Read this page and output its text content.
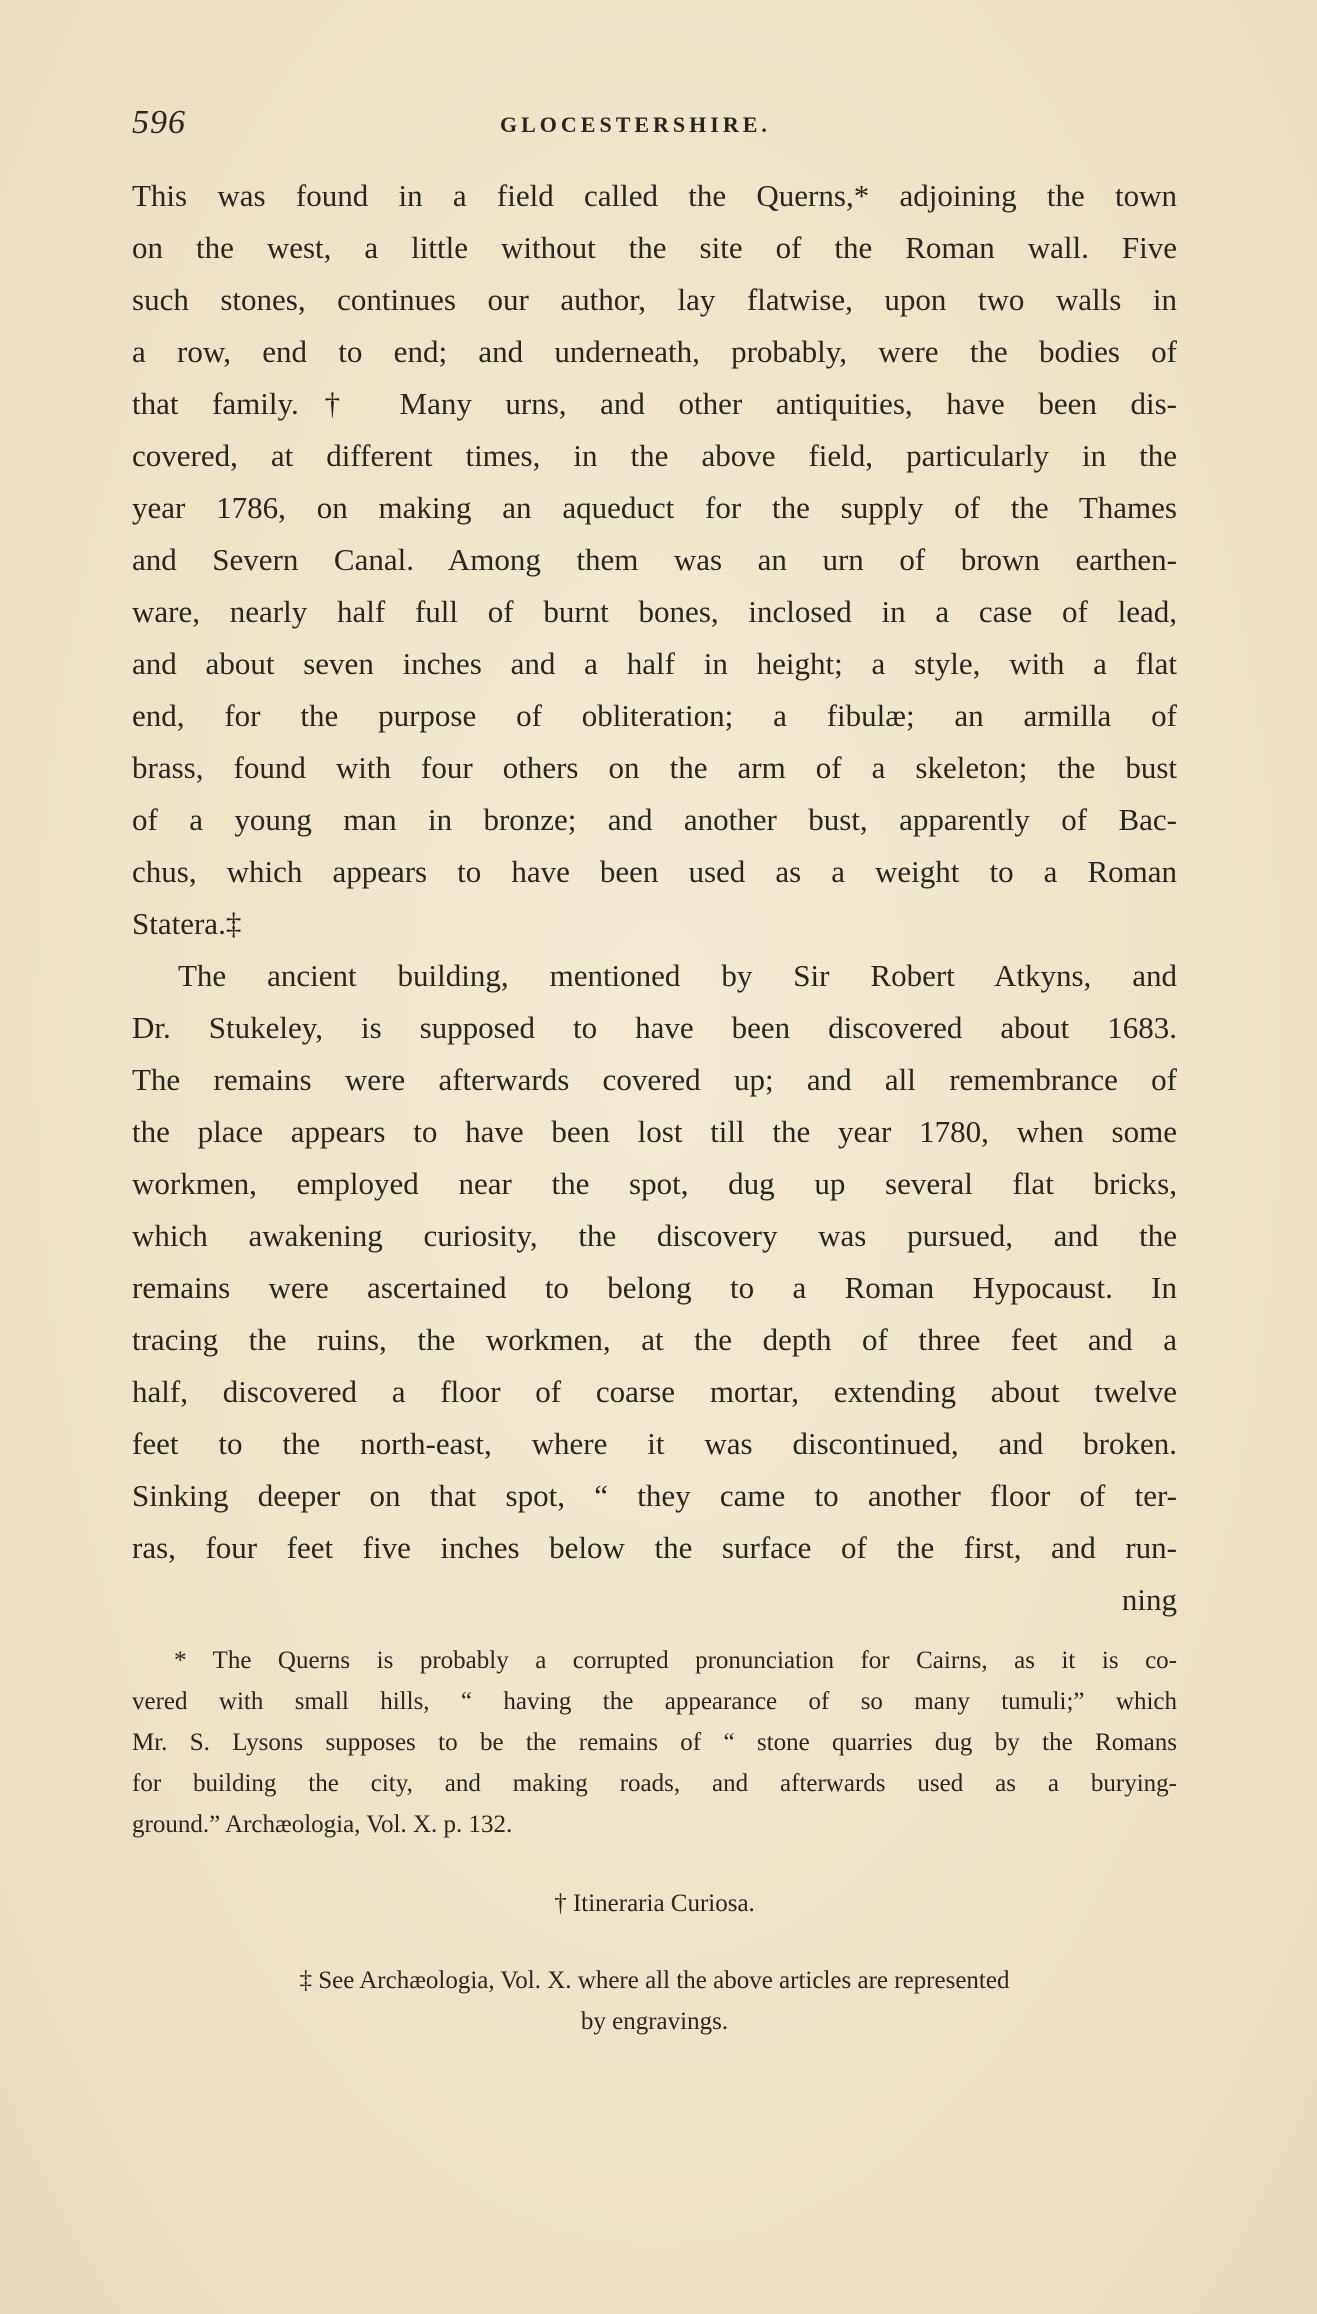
596	GLOCESTERSHIRE.
This was found in a field called the Querns,* adjoining the town
on the west, a little without the site of the Roman wall. Five
such stones, continues our author, lay flatwise, upon two walls in
a row, end to end; and underneath, probably, were the bodies of
that family.† Many urns, and other antiquities, have been dis-
covered, at different times, in the above field, particularly in the
year 1786, on making an aqueduct for the supply of the Thames
and Severn Canal. Among them was an urn of brown earthen-
ware, nearly half full of burnt bones, inclosed in a case of lead,
and about seven inches and a half in height; a style, with a flat
end, for the purpose of obliteration; a fibulæ; an armilla of
brass, found with four others on the arm of a skeleton; the bust
of a young man in bronze; and another bust, apparently of Bac-
chus, which appears to have been used as a weight to a Roman
Statera.‡
The ancient building, mentioned by Sir Robert Atkyns, and
Dr. Stukeley, is supposed to have been discovered about 1683.
The remains were afterwards covered up; and all remembrance of
the place appears to have been lost till the year 1780, when some
workmen, employed near the spot, dug up several flat bricks,
which awakening curiosity, the discovery was pursued, and the
remains were ascertained to belong to a Roman Hypocaust. In
tracing the ruins, the workmen, at the depth of three feet and a
half, discovered a floor of coarse mortar, extending about twelve
feet to the north-east, where it was discontinued, and broken.
Sinking deeper on that spot, “ they came to another floor of ter-
ras, four feet five inches below the surface of the first, and run-
ning
* The Querns is probably a corrupted pronunciation for Cairns, as it is co-
vered with small hills, “ having the appearance of so many tumuli;” which
Mr. S. Lysons supposes to be the remains of “ stone quarries dug by the Romans
for building the city, and making roads, and afterwards used as a burying-
ground.” Archæologia, Vol. X. p. 132.
† Itineraria Curiosa.
‡ See Archæologia, Vol. X. where all the above articles are represented
by engravings.
